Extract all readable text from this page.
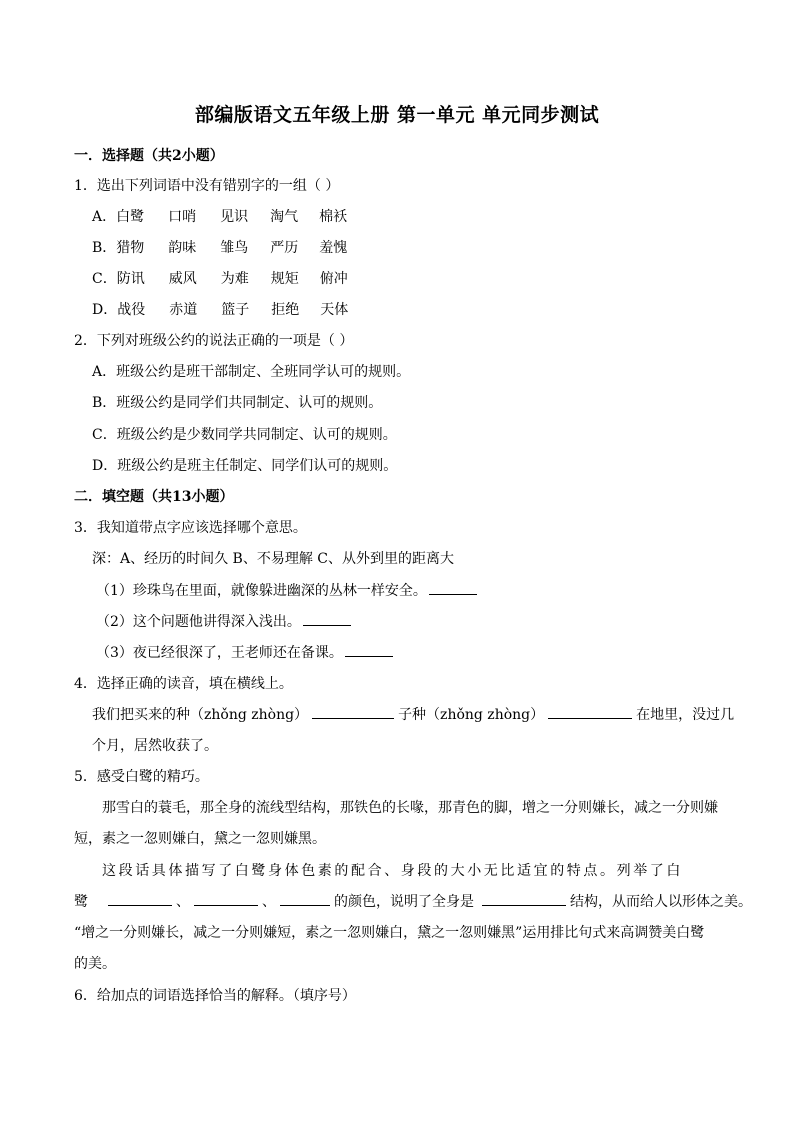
部编版语文五年级上册 第一单元 单元同步测试
一．选择题（共2小题）
1．选出下列词语中没有错别字的一组（ ）
A．白鹭 口哨 见识 淘气 棉袄
B．猎物 韵味 雏鸟 严历 羞愧
C．防讯 威风 为难 规矩 俯冲
D．战役 赤道 篮子 拒绝 天体
2．下列对班级公约的说法正确的一项是（ ）
A．班级公约是班干部制定、全班同学认可的规则。
B．班级公约是同学们共同制定、认可的规则。
C．班级公约是少数同学共同制定、认可的规则。
D．班级公约是班主任制定、同学们认可的规则。
二．填空题（共13小题）
3．我知道带点字应该选择哪个意思。
深：A、经历的时间久 B、不易理解 C、从外到里的距离大
（1）珍珠鸟在里面，就像躲进幽深的丛林一样安全。
（2）这个问题他讲得深入浅出。
（3）夜已经很深了，王老师还在备课。
4．选择正确的读音，填在横线上。
我们把买来的种（zhǒng zhòng）	子种（zhǒng zhòng）	在地里，没过几
个月，居然收获了。
5．感受白鹭的精巧。
那雪白的蓑毛，那全身的流线型结构，那铁色的长喙，那青色的脚，增之一分则嫌长，减之一分则嫌
短，素之一忽则嫌白，黛之一忽则嫌黑。
这段话具体描写了白鹭身体色素的配合、身段的大小无比适宜的特点。列举了白
鹭	、	、	的颜色，说明了全身是	结构，从而给人以形体之美。
“增之一分则嫌长，减之一分则嫌短，素之一忽则嫌白，黛之一忽则嫌黑”运用排比句式来高调赞美白鹭
的美。
6．给加点的词语选择恰当的解释。（填序号）
